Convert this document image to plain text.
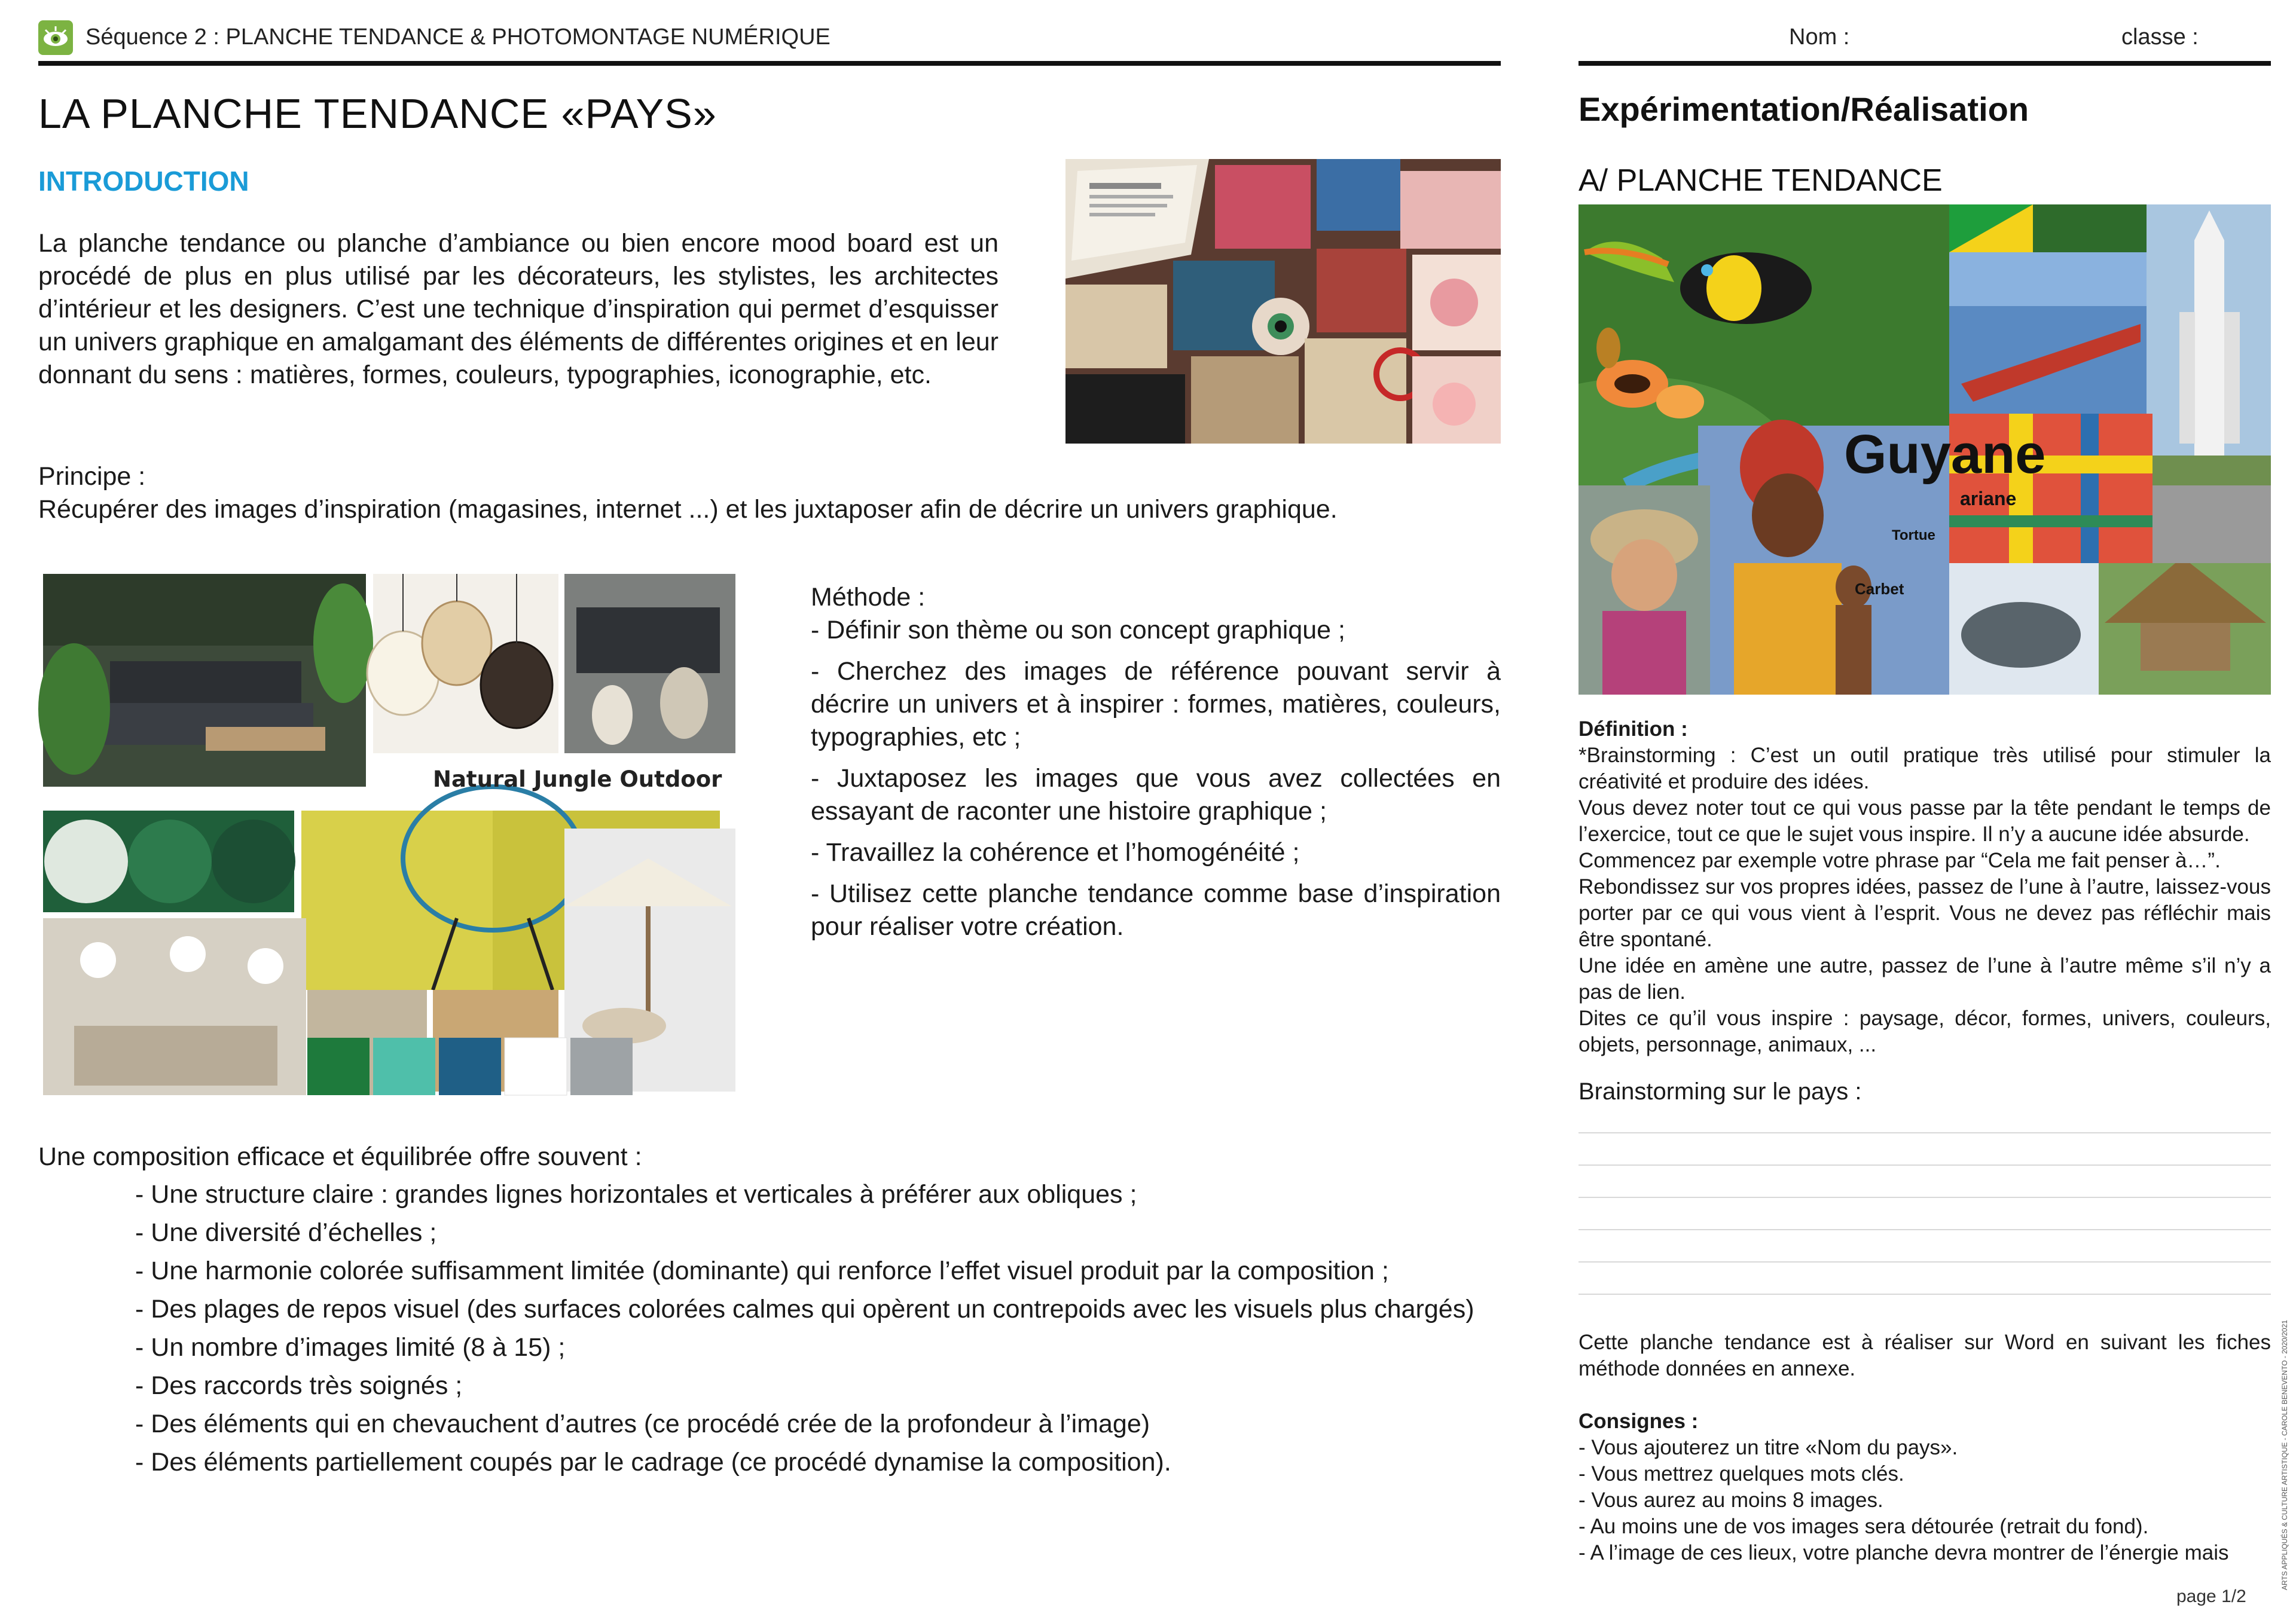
Séquence 2 : PLANCHE TENDANCE & PHOTOMONTAGE NUMÉRIQUE	Nom :	classe :
LA PLANCHE TENDANCE «PAYS»
INTRODUCTION

La planche tendance ou planche d’ambiance ou bien encore mood board est un procédé de plus en plus utilisé par les décorateurs, les stylistes, les architectes d’intérieur et les designers. C’est une technique d’inspiration qui permet d’esquisser un univers graphique en amalgamant des éléments de différentes origines et en leur donnant du sens : matières, formes, couleurs, typographies, iconographie, etc.

Principe :
Récupérer des images d’inspiration (magasines, internet ...) et les juxtaposer afin de décrire un univers graphique.
Natural Jungle Outdoor
Méthode :

- Définir son thème ou son concept graphique ;

- Cherchez des images de référence pouvant servir à décrire un univers et à inspirer : formes, matières, couleurs, typographies, etc ;

- Juxtaposez les images que vous avez collectées en essayant de raconter une histoire graphique ;

- Travaillez la cohérence et l’homogénéité ;

- Utilisez cette planche tendance comme base d’inspiration pour réaliser votre création.

Une composition efficace et équilibrée offre souvent :
- Une structure claire : grandes lignes horizontales et verticales à préférer aux obliques ;
- Une diversité d’échelles ;
- Une harmonie colorée suffisamment limitée (dominante) qui renforce l’effet visuel produit par la composition ;
- Des plages de repos visuel (des surfaces colorées calmes qui opèrent un contrepoids avec les visuels plus chargés)
- Un nombre d’images limité (8 à 15) ;
- Des raccords très soignés ;
- Des éléments qui en chevauchent d’autres (ce procédé crée de la profondeur à l’image)
- Des éléments partiellement coupés par le cadrage (ce procédé dynamise la composition).
Expérimentation/Réalisation
A/ PLANCHE TENDANCE
Guyane
ariane
Tortue
Carbet
Définition :
*Brainstorming : C’est un outil pratique très utilisé pour stimuler la créativité et produire des idées.
Vous devez noter tout ce qui vous passe par la tête pendant le temps de l’exercice, tout ce que le sujet vous inspire. Il n’y a aucune idée absurde.
Commencez par exemple votre phrase par “Cela me fait penser à…”.
Rebondissez sur vos propres idées, passez de l’une à l’autre, laissez-vous porter par ce qui vous vient à l’esprit. Vous ne devez pas réfléchir mais être spontané.
Une idée en amène une autre, passez de l’une à l’autre même s’il n’y a pas de lien.
Dites ce qu’il vous inspire : paysage, décor, formes, univers, couleurs, objets, personnage, animaux, ...
Brainstorming sur le pays :

Cette planche tendance est à réaliser sur Word en suivant les fiches méthode données en annexe.

Consignes :
- Vous ajouterez un titre «Nom du pays».
- Vous mettrez quelques mots clés.
- Vous aurez au moins 8 images.
- Au moins une de vos images sera détourée (retrait du fond).
- A l’image de ces lieux, votre planche devra montrer de l’énergie mais	ARTS APPLIQUÉS & CULTURE ARTISTIQUE - CAROLE BENEVENTO - 2020/2021
page 1/2
